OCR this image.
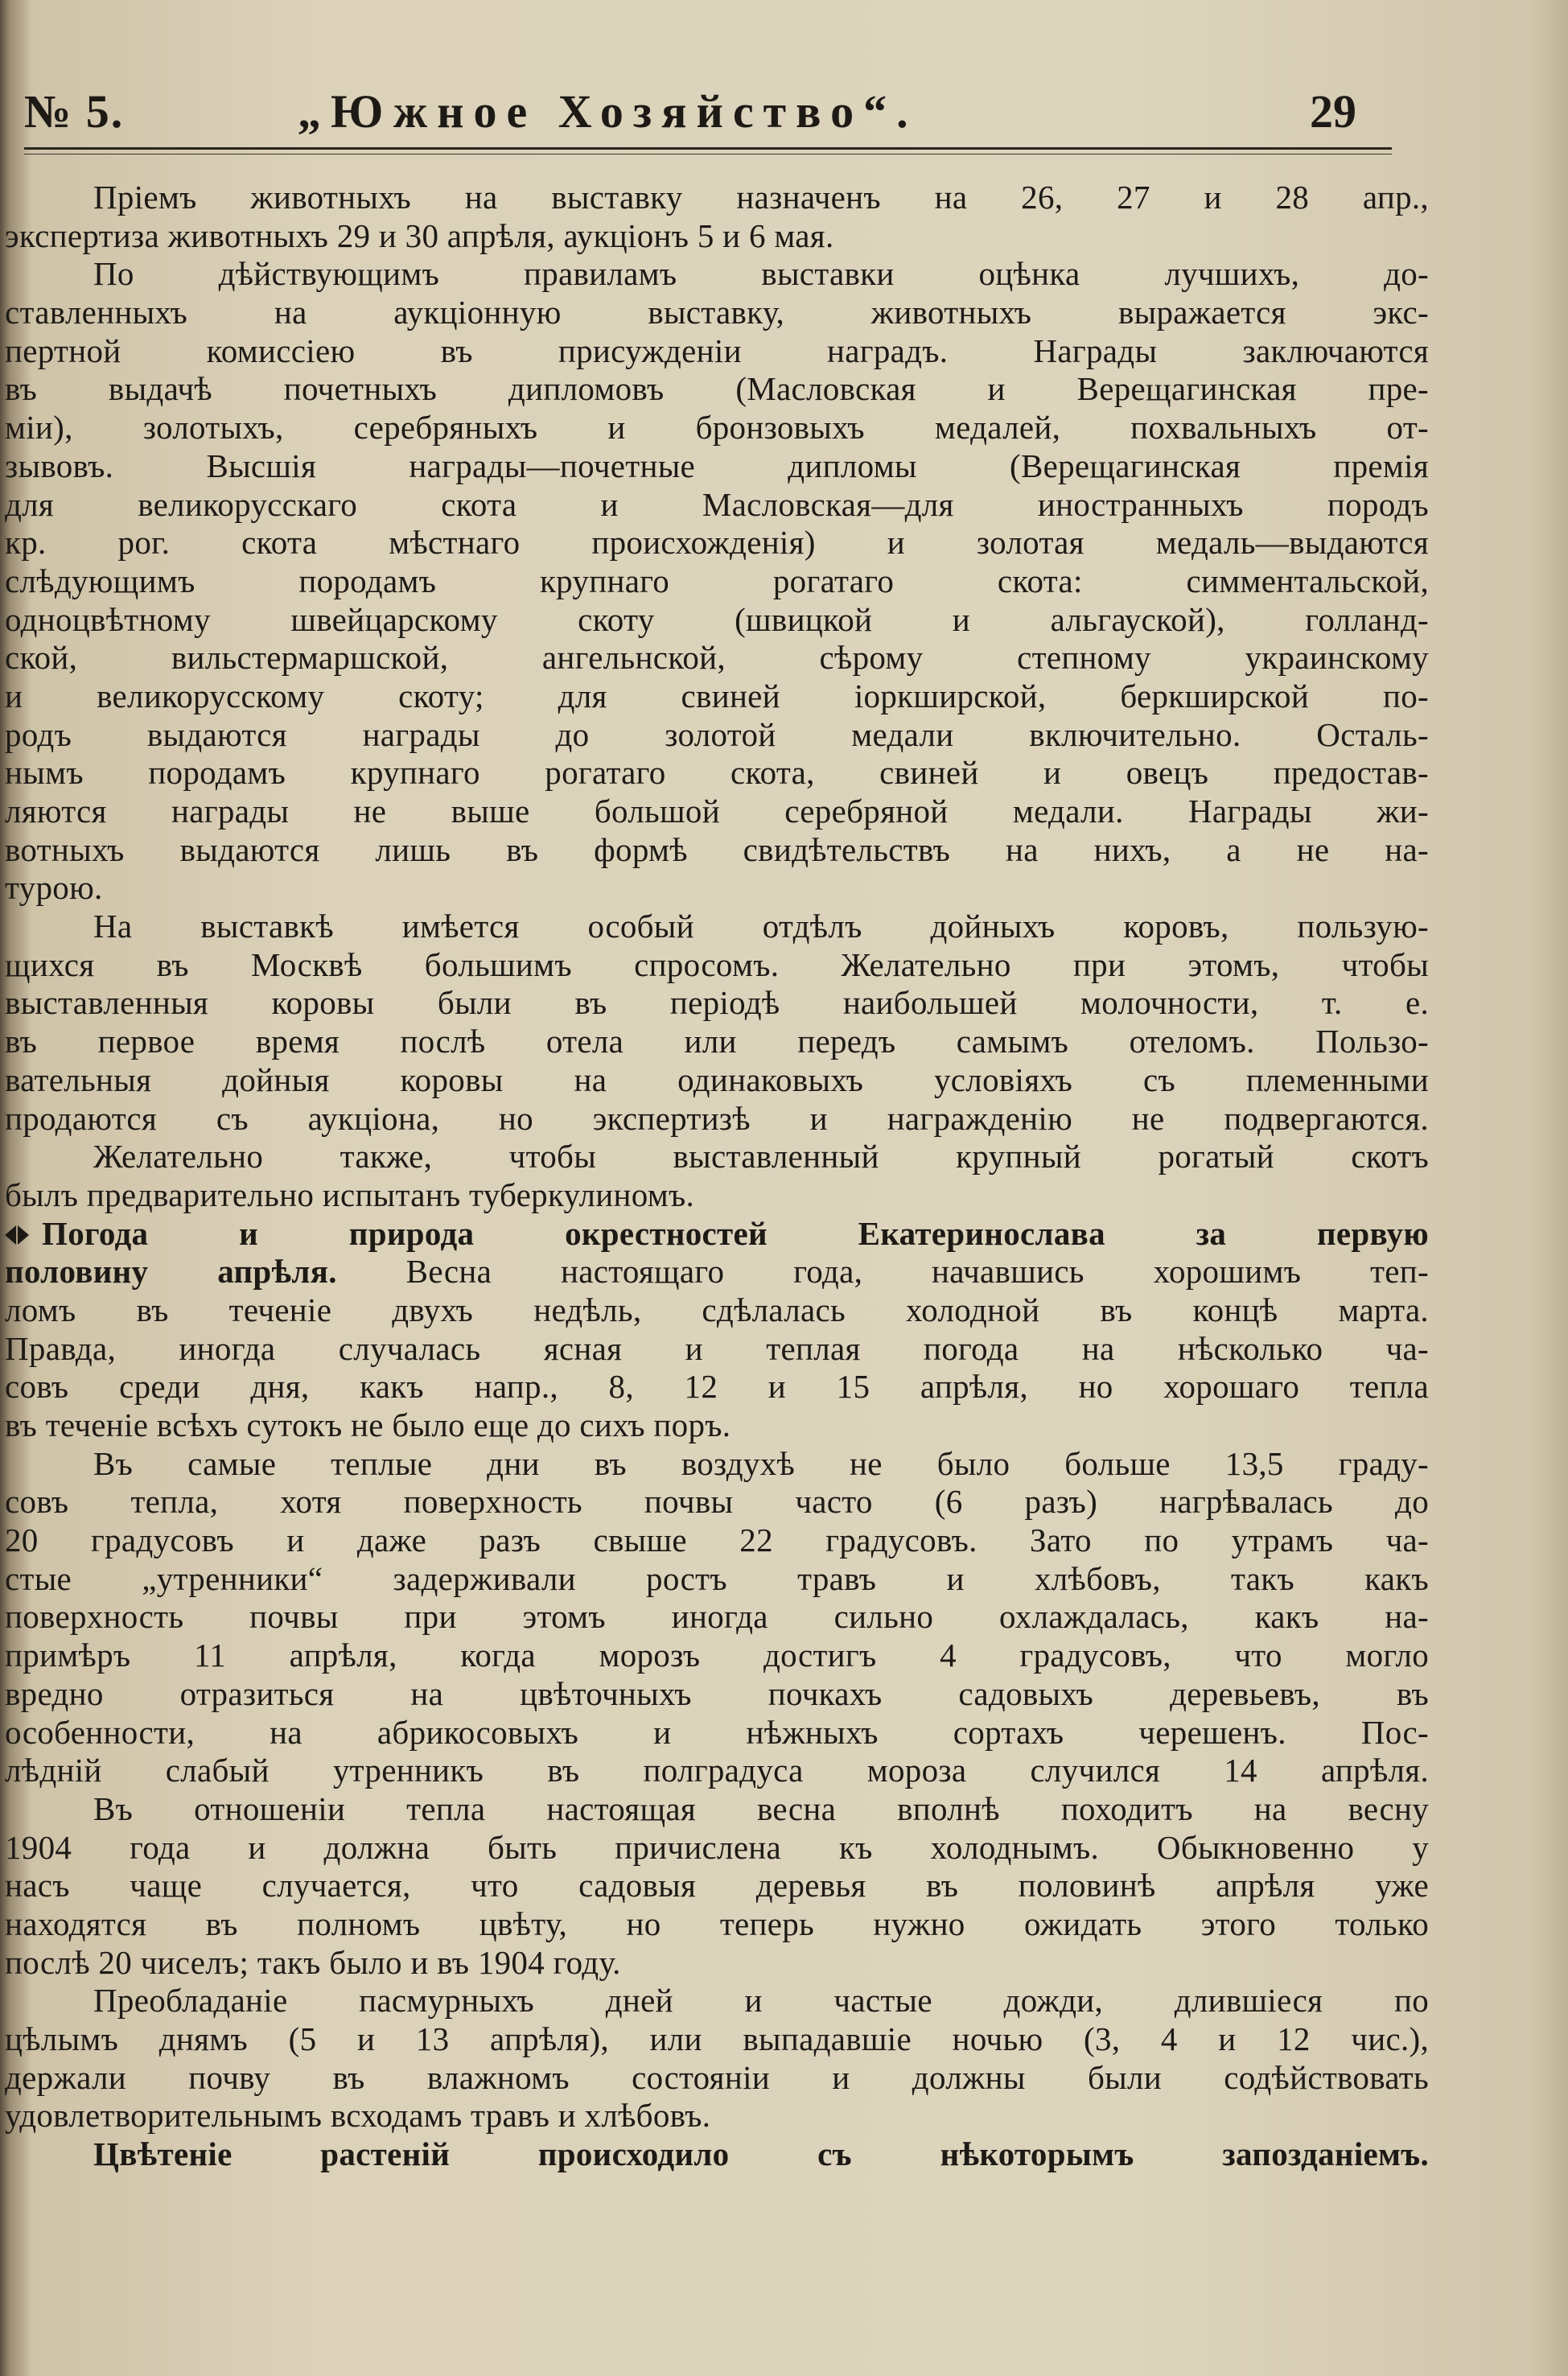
№ 5.	„Южное Хозяйство“.	29
Пріемъ животныхъ на выставку назначенъ на 26, 27 и 28 апр.,
экспертиза животныхъ 29 и 30 апрѣля, аукціонъ 5 и 6 мая.
По дѣйствующимъ правиламъ выставки оцѣнка лучшихъ, до-
ставленныхъ на аукціонную выставку, животныхъ выражается экс-
пертной комиссіею въ присужденіи наградъ. Награды заключаются
въ выдачѣ почетныхъ дипломовъ (Масловская и Верещагинская пре-
міи), золотыхъ, серебряныхъ и бронзовыхъ медалей, похвальныхъ от-
зывовъ. Высшія награды—почетные дипломы (Верещагинская премія
для великорусскаго скота и Масловская—для иностранныхъ породъ
кр. рог. скота мѣстнаго происхожденія) и золотая медаль—выдаются
слѣдующимъ породамъ крупнаго рогатаго скота: симментальской,
одноцвѣтному швейцарскому скоту (швицкой и альгауской), голланд-
ской, вильстермаршской, ангельнской, сѣрому степному украинскому
и великорусскому скоту; для свиней іоркширской, беркширской по-
родъ выдаются награды до золотой медали включительно. Осталь-
нымъ породамъ крупнаго рогатаго скота, свиней и овецъ предостав-
ляются награды не выше большой серебряной медали. Награды жи-
вотныхъ выдаются лишь въ формѣ свидѣтельствъ на нихъ, а не на-
турою.
На выставкѣ имѣется особый отдѣлъ дойныхъ коровъ, пользую-
щихся въ Москвѣ большимъ спросомъ. Желательно при этомъ, чтобы
выставленныя коровы были въ періодѣ наибольшей молочности, т. е.
въ первое время послѣ отела или передъ самымъ отеломъ. Пользо-
вательныя дойныя коровы на одинаковыхъ условіяхъ съ племенными
продаются съ аукціона, но экспертизѣ и награжденію не подвергаются.
Желательно также, чтобы выставленный крупный рогатый скотъ
былъ предварительно испытанъ туберкулиномъ.
Погода и природа окрестностей Екатеринослава за первую
половину апрѣля. Весна настоящаго года, начавшись хорошимъ теп-
ломъ въ теченіе двухъ недѣль, сдѣлалась холодной въ концѣ марта.
Правда, иногда случалась ясная и теплая погода на нѣсколько ча-
совъ среди дня, какъ напр., 8, 12 и 15 апрѣля, но хорошаго тепла
въ теченіе всѣхъ сутокъ не было еще до сихъ поръ.
Въ самые теплые дни въ воздухѣ не было больше 13,5 граду-
совъ тепла, хотя поверхность почвы часто (6 разъ) нагрѣвалась до
20 градусовъ и даже разъ свыше 22 градусовъ. Зато по утрамъ ча-
стые „утренники“ задерживали ростъ травъ и хлѣбовъ, такъ какъ
поверхность почвы при этомъ иногда сильно охлаждалась, какъ на-
примѣръ 11 апрѣля, когда морозъ достигъ 4 градусовъ, что могло
вредно отразиться на цвѣточныхъ почкахъ садовыхъ деревьевъ, въ
особенности, на абрикосовыхъ и нѣжныхъ сортахъ черешенъ. Пос-
лѣдній слабый утренникъ въ полградуса мороза случился 14 апрѣля.
Въ отношеніи тепла настоящая весна вполнѣ походитъ на весну
1904 года и должна быть причислена къ холоднымъ. Обыкновенно у
насъ чаще случается, что садовыя деревья въ половинѣ апрѣля уже
находятся въ полномъ цвѣту, но теперь нужно ожидать этого только
послѣ 20 чиселъ; такъ было и въ 1904 году.
Преобладаніе пасмурныхъ дней и частые дожди, длившіеся по
цѣлымъ днямъ (5 и 13 апрѣля), или выпадавшіе ночью (3, 4 и 12 чис.),
держали почву въ влажномъ состояніи и должны были содѣйствовать
удовлетворительнымъ всходамъ травъ и хлѣбовъ.
Цвѣтеніе растеній происходило съ нѣкоторымъ запозданіемъ.
